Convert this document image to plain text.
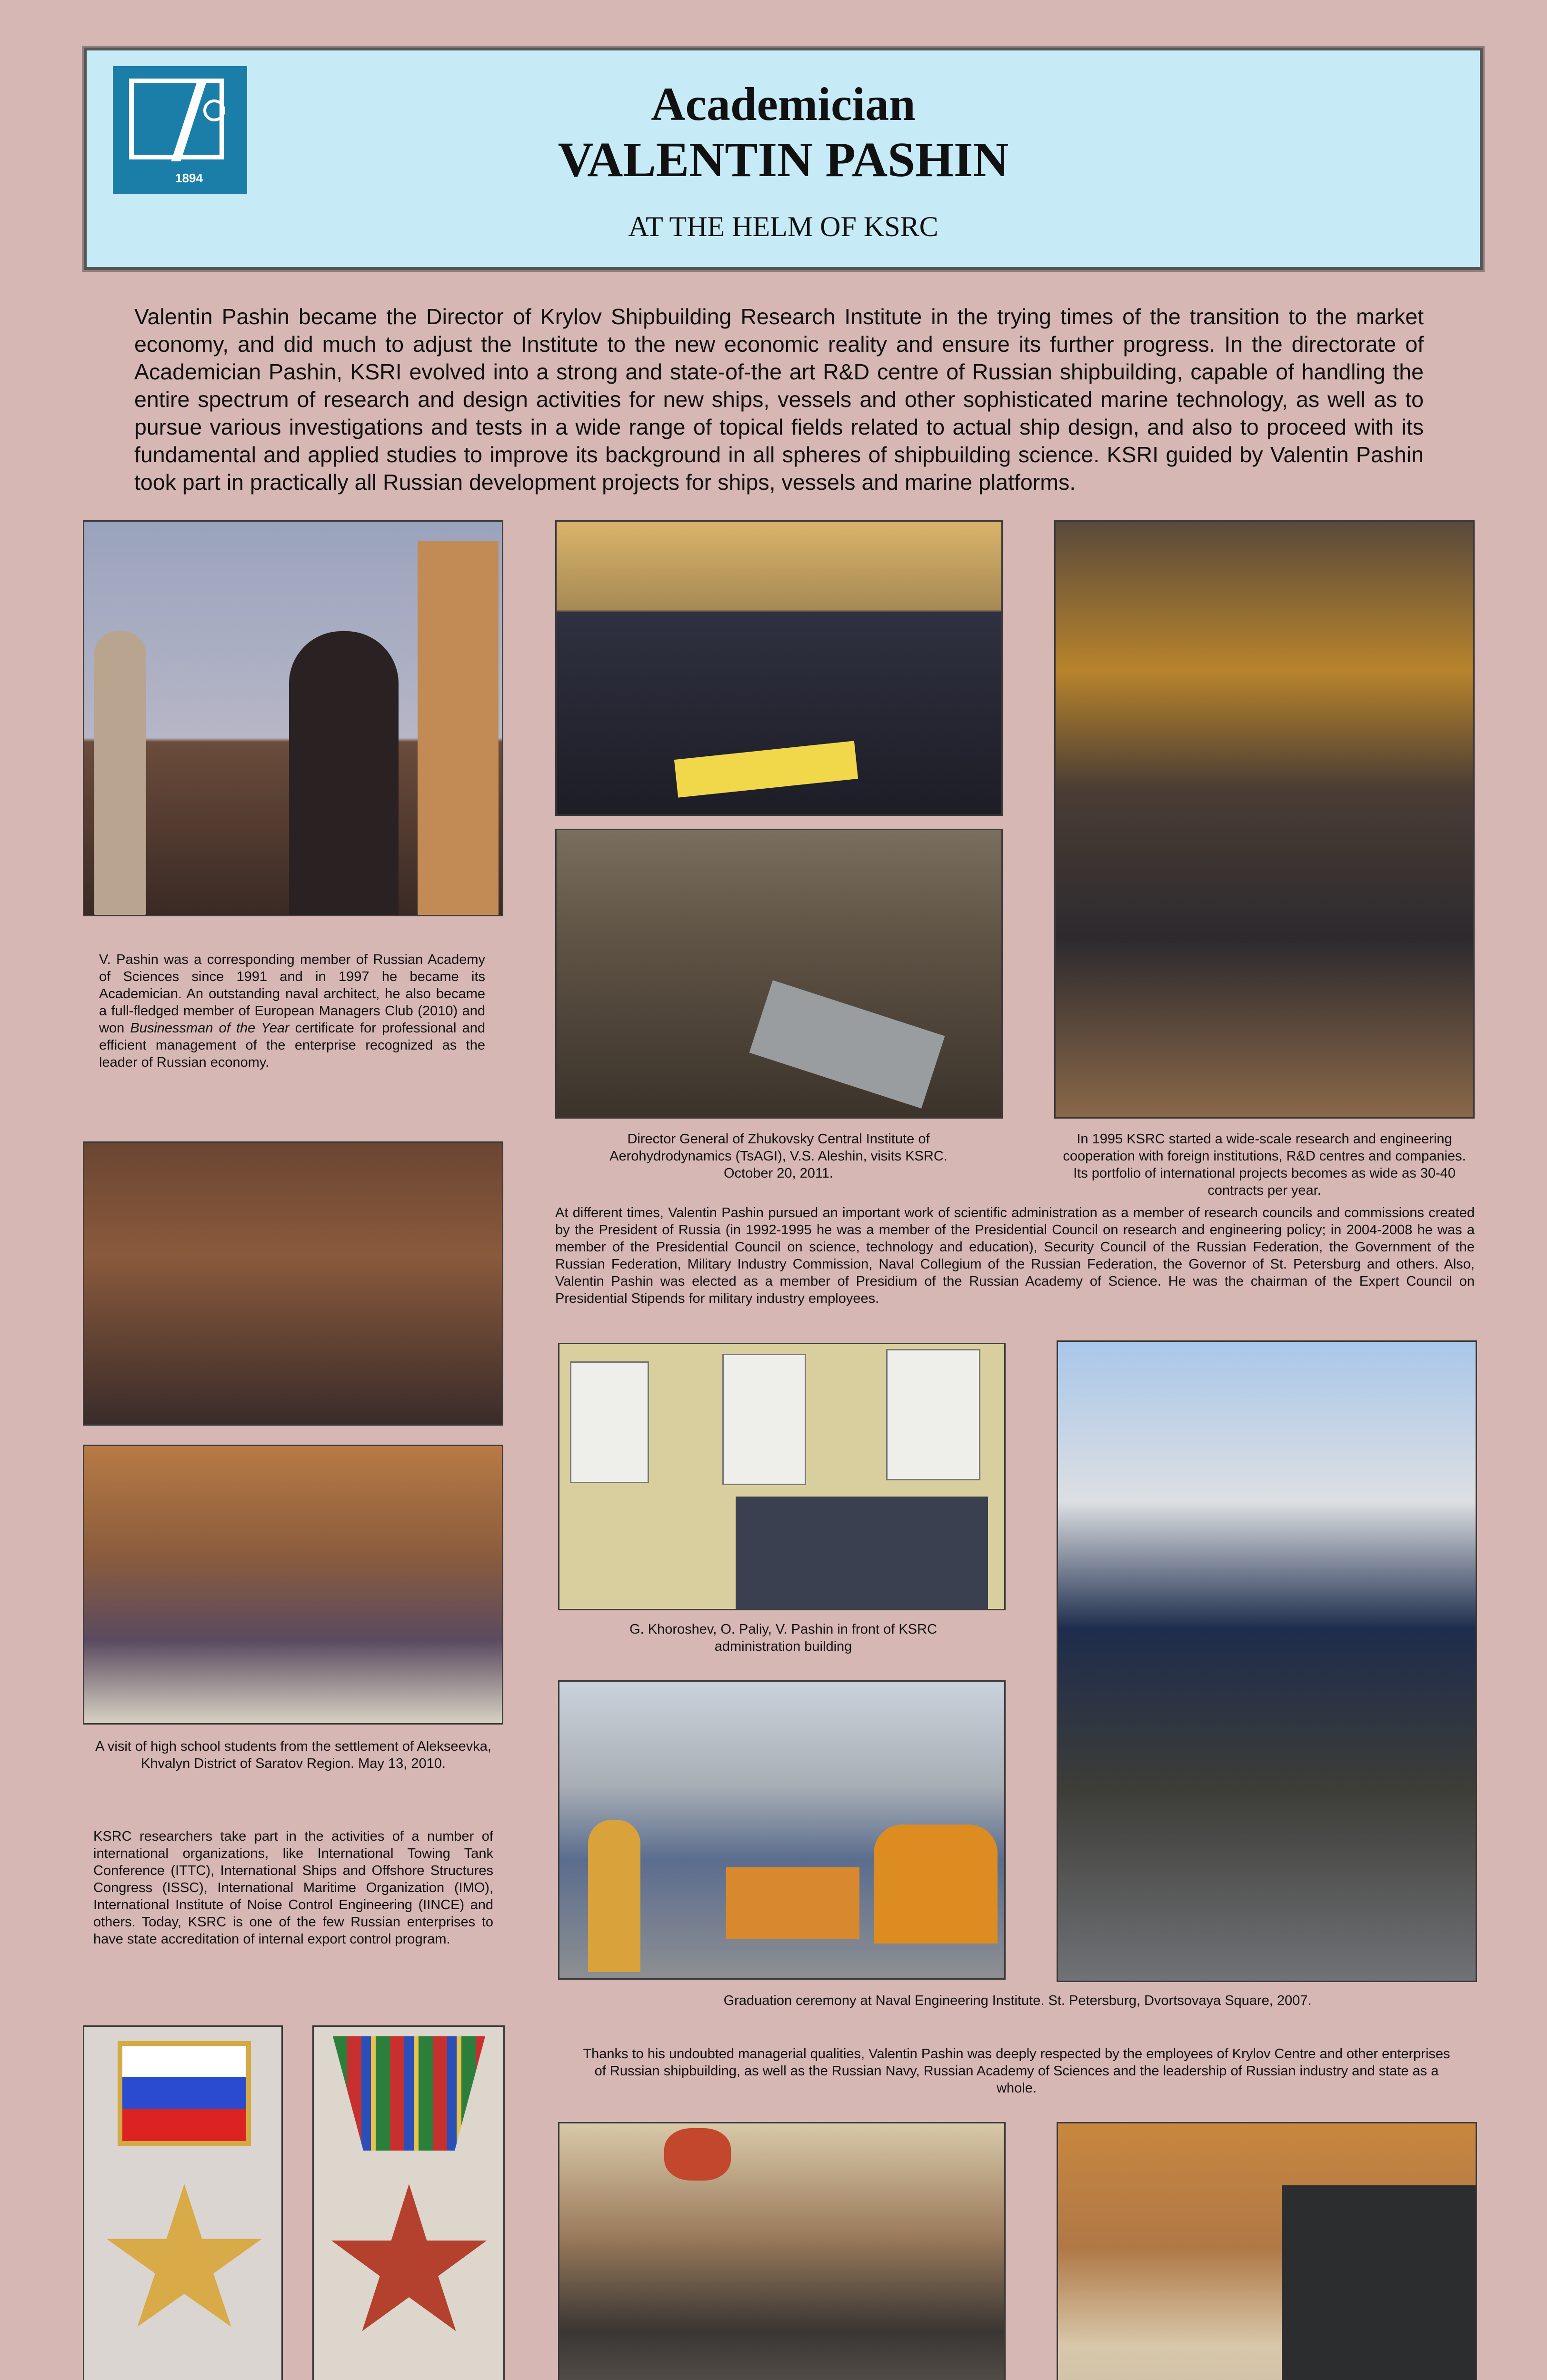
1894
Academician
VALENTIN PASHIN
AT THE HELM OF KSRC
Valentin Pashin became the Director of Krylov Shipbuilding Research Institute in the trying times of the transition to the market economy, and did much to adjust the Institute to the new economic reality and ensure its further progress. In the directorate of Academician Pashin, KSRI evolved into a strong and state-of-the art R&D centre of Russian shipbuilding, capable of handling the entire spectrum of research and design activities for new ships, vessels and other sophisticated marine technology, as well as to pursue various investigations and tests in a wide range of topical fields related to actual ship design, and also to proceed with its fundamental and applied studies to improve its background in all spheres of shipbuilding science. KSRI guided by Valentin Pashin took part in practically all Russian development projects for ships, vessels and marine platforms.
V. Pashin was a corresponding member of Russian Academy of Sciences since 1991 and in 1997 he became its Academician. An outstanding naval architect, he also became a full-fledged member of European Managers Club (2010) and won Businessman of the Year certificate for professional and efficient management of the enterprise recognized as the leader of Russian economy.
Director General of Zhukovsky Central Institute of Aerohydrodynamics (TsAGI), V.S. Aleshin, visits KSRC. October 20, 2011.
In 1995 KSRC started a wide-scale research and engineering cooperation with foreign institutions, R&D centres and companies. Its portfolio of international projects becomes as wide as 30-40 contracts per year.
At different times, Valentin Pashin pursued an important work of scientific administration as a member of research councils and commissions created by the President of Russia (in 1992-1995 he was a member of the Presidential Council on research and engineering policy; in 2004-2008 he was a member of the Presidential Council on science, technology and education), Security Council of the Russian Federation, the Government of the Russian Federation, Military Industry Commission, Naval Collegium of the Russian Federation, the Governor of St. Petersburg and others. Also, Valentin Pashin was elected as a member of Presidium of the Russian Academy of Science. He was the chairman of the Expert Council on Presidential Stipends for military industry employees.
G. Khoroshev, O. Paliy, V. Pashin in front of KSRC administration building
A visit of high school students from the settlement of Alekseevka, Khvalyn District of Saratov Region. May 13, 2010.
KSRC researchers take part in the activities of a number of international organizations, like International Towing Tank Conference (ITTC), International Ships and Offshore Structures Congress (ISSC), International Maritime Organization (IMO), International Institute of Noise Control Engineering (IINCE) and others. Today, KSRC is one of the few Russian enterprises to have state accreditation of internal export control program.
Graduation ceremony at Naval Engineering Institute. St. Petersburg, Dvortsovaya Square, 2007.
Thanks to his undoubted managerial qualities, Valentin Pashin was deeply respected by the employees of Krylov Centre and other enterprises of Russian shipbuilding, as well as the Russian Navy, Russian Academy of Sciences and the leadership of Russian industry and state as a whole.
